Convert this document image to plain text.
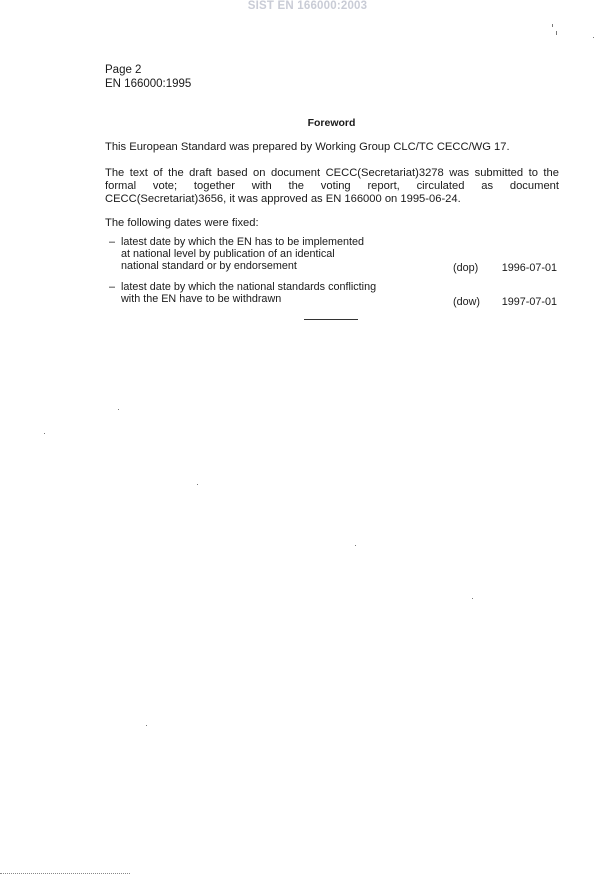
SIST EN 166000:2003
Page 2
EN 166000:1995
Foreword
This European Standard was prepared by Working Group CLC/TC CECC/WG 17.
The text of the draft based on document CECC(Secretariat)3278 was submitted to the formal vote; together with the voting report, circulated as document CECC(Secretariat)3656, it was approved as EN 166000 on 1995-06-24.
The following dates were fixed:
– latest date by which the EN has to be implemented
at national level by publication of an identical
national standard or by endorsement	(dop)	1996-07-01
– latest date by which the national standards conflicting
with the EN have to be withdrawn	(dow)	1997-07-01
